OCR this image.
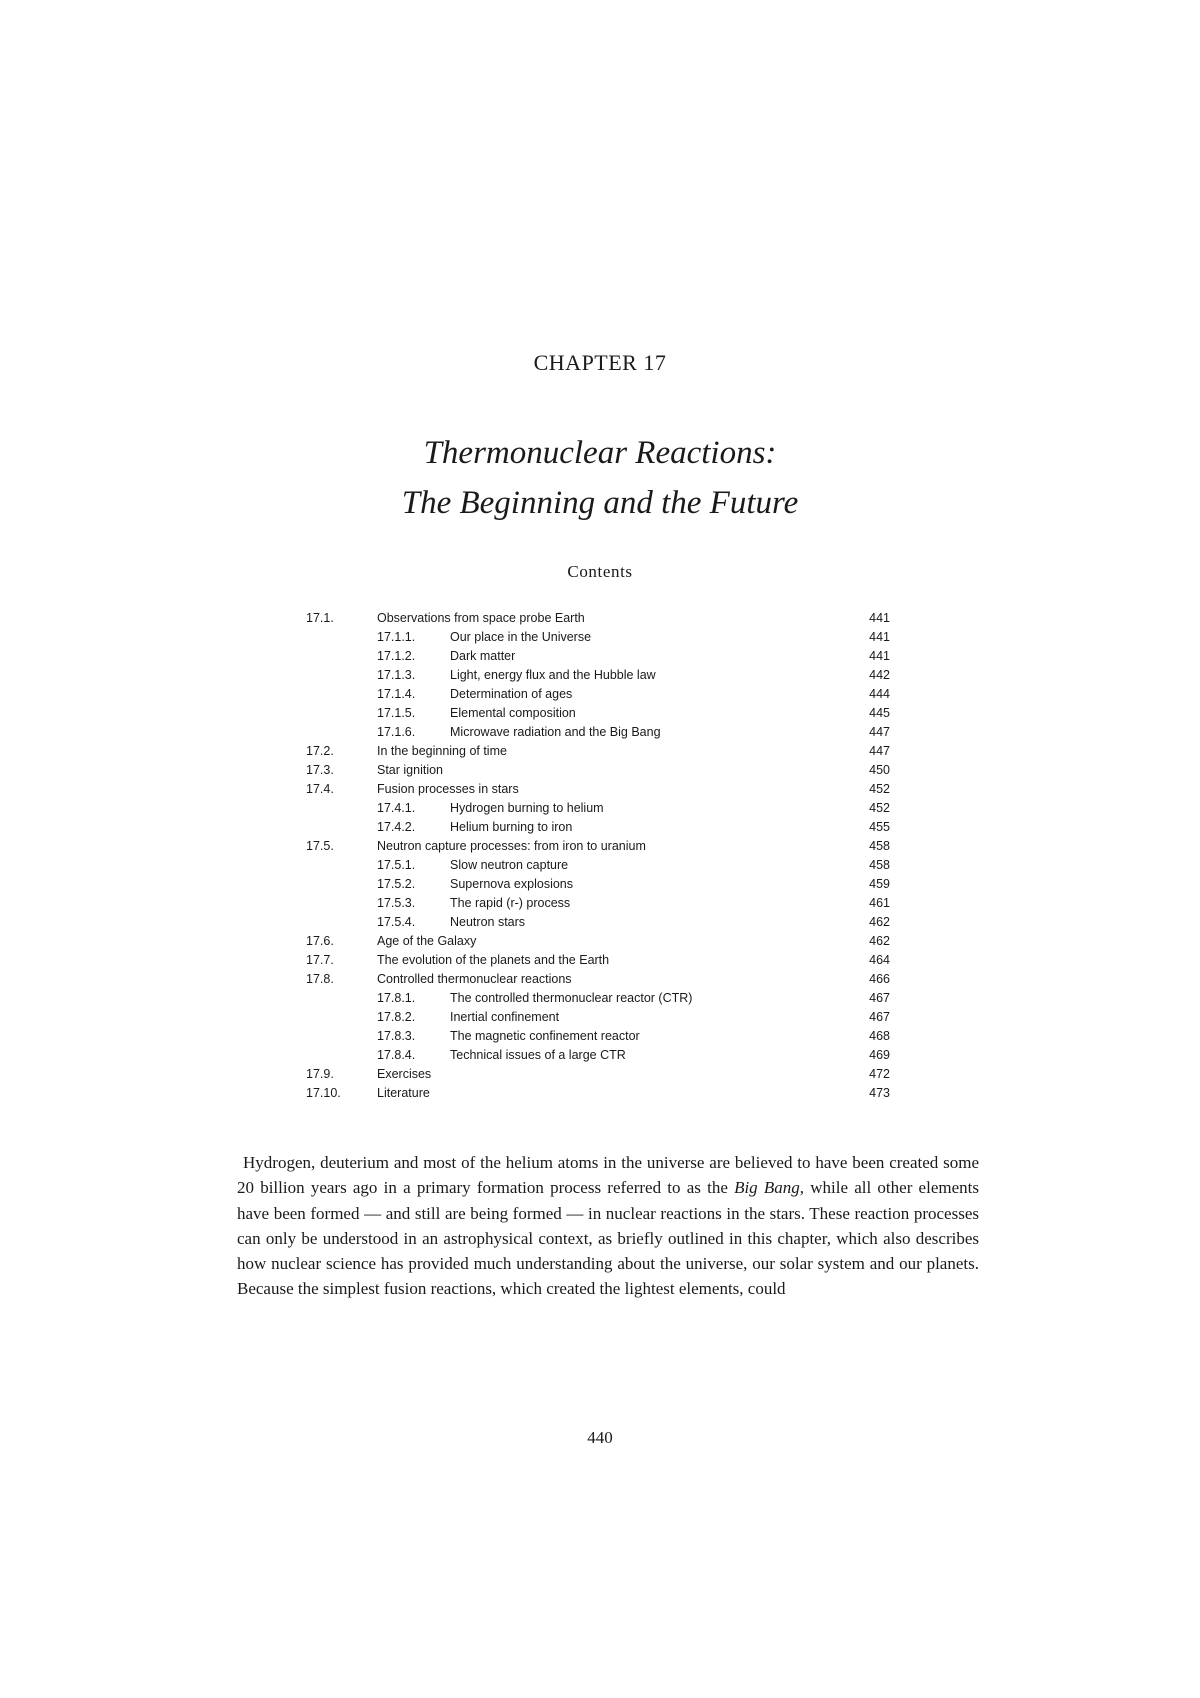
CHAPTER 17
Thermonuclear Reactions:
The Beginning and the Future
Contents
17.1.	Observations from space probe Earth	441
17.1.1.	Our place in the Universe	441
17.1.2.	Dark matter	441
17.1.3.	Light, energy flux and the Hubble law	442
17.1.4.	Determination of ages	444
17.1.5.	Elemental composition	445
17.1.6.	Microwave radiation and the Big Bang	447
17.2.	In the beginning of time	447
17.3.	Star ignition	450
17.4.	Fusion processes in stars	452
17.4.1.	Hydrogen burning to helium	452
17.4.2.	Helium burning to iron	455
17.5.	Neutron capture processes: from iron to uranium	458
17.5.1.	Slow neutron capture	458
17.5.2.	Supernova explosions	459
17.5.3.	The rapid (r-) process	461
17.5.4.	Neutron stars	462
17.6.	Age of the Galaxy	462
17.7.	The evolution of the planets and the Earth	464
17.8.	Controlled thermonuclear reactions	466
17.8.1.	The controlled thermonuclear reactor (CTR)	467
17.8.2.	Inertial confinement	467
17.8.3.	The magnetic confinement reactor	468
17.8.4.	Technical issues of a large CTR	469
17.9.	Exercises	472
17.10.	Literature	473

Hydrogen, deuterium and most of the helium atoms in the universe are believed to have been created some 20 billion years ago in a primary formation process referred to as the Big Bang, while all other elements have been formed — and still are being formed — in nuclear reactions in the stars. These reaction processes can only be understood in an astrophysical context, as briefly outlined in this chapter, which also describes how nuclear science has provided much understanding about the universe, our solar system and our planets. Because the simplest fusion reactions, which created the lightest elements, could

440
